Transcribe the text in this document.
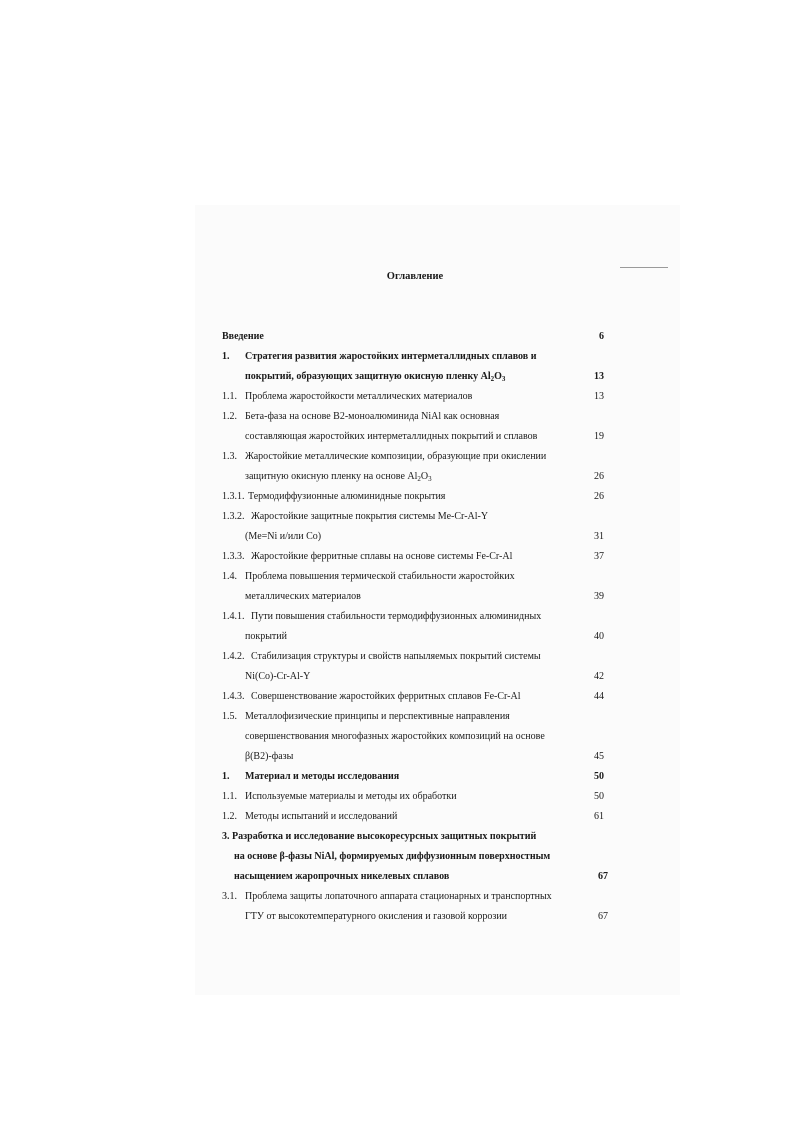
Оглавление
Введение	6
1. Стратегия развития жаростойких интерметаллидных сплавов и
покрытий, образующих защитную окисную пленку $Al_2O_3$	13
1.1. Проблема жаростойкости металлических материалов	13
1.2. Бета-фаза на основе B2-моноалюминида NiAl как основная
составляющая жаростойких интерметаллидных покрытий и сплавов	19
1.3. Жаростойкие металлические композиции, образующие при окислении
защитную окисную пленку на основе $Al_2O_3$	26
1.3.1. Термодиффузионные алюминидные покрытия	26
1.3.2. Жаростойкие защитные покрытия системы Me-Cr-Al-Y
(Me=Ni и/или Co)	31
1.3.3. Жаростойкие ферритные сплавы на основе системы Fe-Cr-Al	37
1.4. Проблема повышения термической стабильности жаростойких
металлических материалов	39
1.4.1. Пути повышения стабильности термодиффузионных алюминидных
покрытий	40
1.4.2. Стабилизация структуры и свойств напыляемых покрытий системы
Ni(Co)-Cr-Al-Y	42
1.4.3. Совершенствование жаростойких ферритных сплавов Fe-Cr-Al	44
1.5. Металлофизические принципы и перспективные направления
совершенствования многофазных жаростойких композиций на основе
β(B2)-фазы	45
1. Материал и методы исследования	50
1.1. Используемые материалы и методы их обработки	50
1.2. Методы испытаний и исследований	61
3. Разработка и исследование высокоресурсных защитных покрытий
на основе β-фазы NiAl, формируемых диффузионным поверхностным
насыщением жаропрочных никелевых сплавов	67
3.1. Проблема защиты лопаточного аппарата стационарных и транспортных
ГТУ от высокотемпературного окисления и газовой коррозии	67
